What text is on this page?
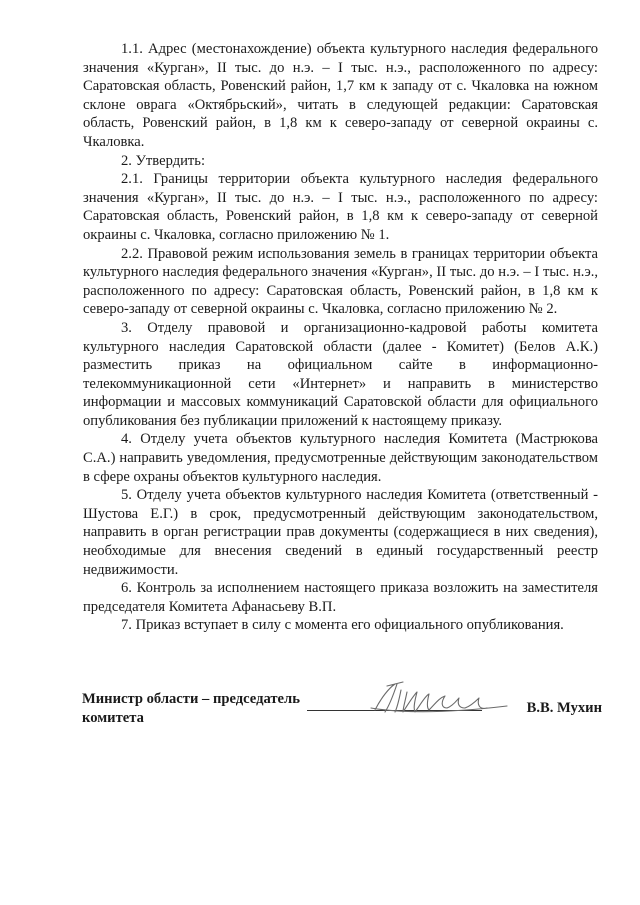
1.1. Адрес (местонахождение) объекта культурного наследия федерального значения «Курган», II тыс. до н.э. – I тыс. н.э., расположенного по адресу: Саратовская область, Ровенский район, 1,7 км к западу от с. Чкаловка на южном склоне оврага «Октябрьский», читать в следующей редакции: Саратовская область, Ровенский район, в 1,8 км к северо-западу от северной окраины с. Чкаловка.

2. Утвердить:

2.1. Границы территории объекта культурного наследия федерального значения «Курган», II тыс. до н.э. – I тыс. н.э., расположенного по адресу: Саратовская область, Ровенский район, в 1,8 км к северо-западу от северной окраины с. Чкаловка, согласно приложению № 1.

2.2. Правовой режим использования земель в границах территории объекта культурного наследия федерального значения «Курган», II тыс. до н.э. – I тыс. н.э., расположенного по адресу: Саратовская область, Ровенский район, в 1,8 км к северо-западу от северной окраины с. Чкаловка, согласно приложению № 2.

3. Отделу правовой и организационно-кадровой работы комитета культурного наследия Саратовской области (далее - Комитет) (Белов А.К.) разместить приказ на официальном сайте в информационно-телекоммуникационной сети «Интернет» и направить в министерство информации и массовых коммуникаций Саратовской области для официального опубликования без публикации приложений к настоящему приказу.

4. Отделу учета объектов культурного наследия Комитета (Мастрюкова С.А.) направить уведомления, предусмотренные действующим законодательством в сфере охраны объектов культурного наследия.

5. Отделу учета объектов культурного наследия Комитета (ответственный - Шустова Е.Г.) в срок, предусмотренный действующим законодательством, направить в орган регистрации прав документы (содержащиеся в них сведения), необходимые для внесения сведений в единый государственный реестр недвижимости.

6. Контроль за исполнением настоящего приказа возложить на заместителя председателя Комитета Афанасьеву В.П.

7. Приказ вступает в силу с момента его официального опубликования.

Министр области – председатель
комитета
В.В. Мухин
